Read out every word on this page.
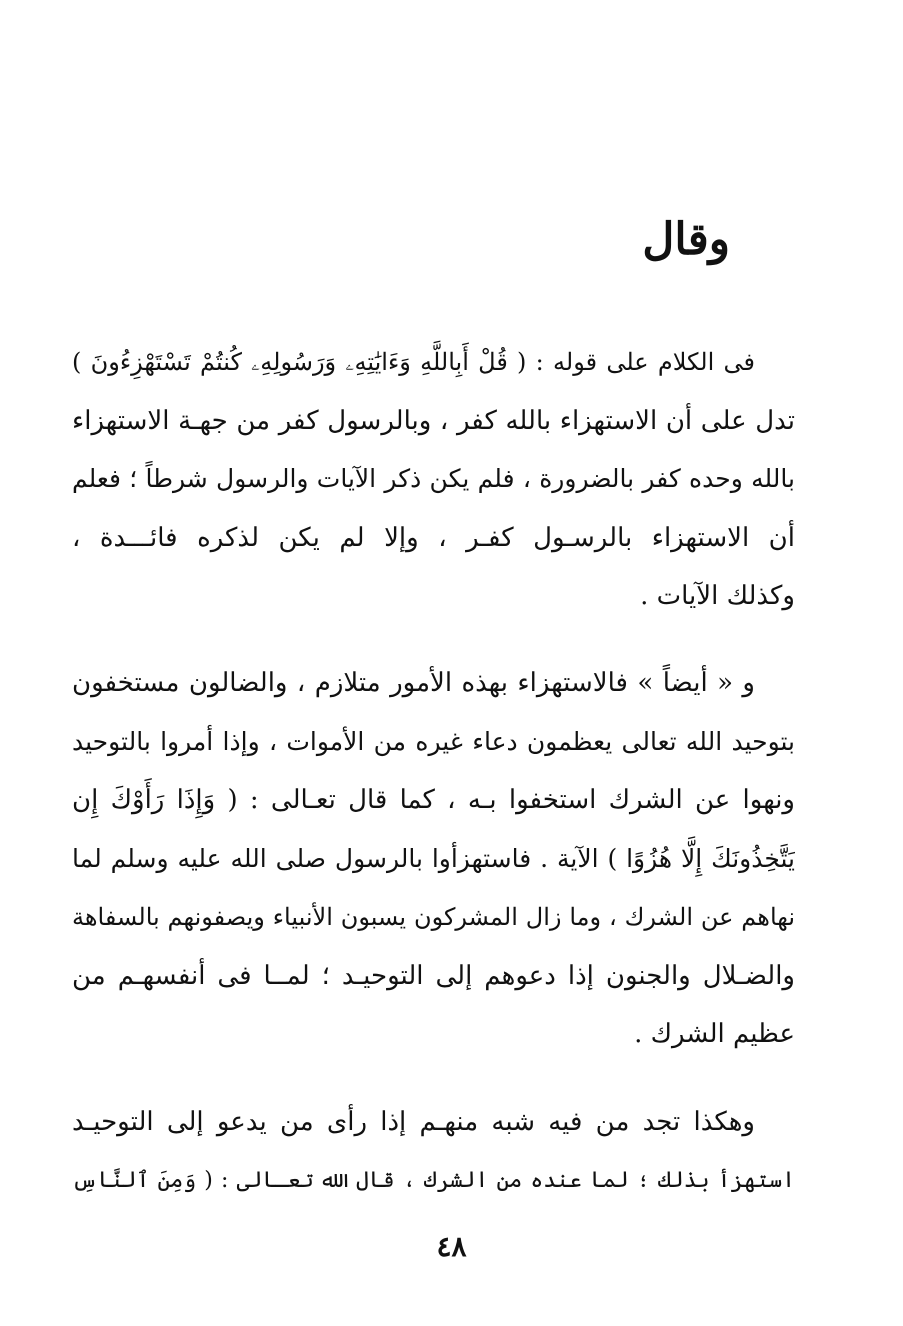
وقال
فى الكلام على قوله : ( قُلْ أَبِاللَّهِ وَءَايَٰتِهِۦ وَرَسُولِهِۦ كُنتُمْ تَسْتَهْزِءُونَ )
تدل على أن الاستهزاء بالله كفر ، وبالرسول كفر من جهـة الاستهزاء
بالله وحده كفر بالضرورة ، فلم يكن ذكر الآيات والرسول شرطاً ؛ فعلم
أن الاستهزاء بالرسـول كفـر ، وإلا لم يكن لذكره فائـــدة ،
وكذلك الآيات .
و « أيضاً » فالاستهزاء بهذه الأمور متلازم ، والضالون مستخفون
بتوحيد الله تعالى يعظمون دعاء غيره من الأموات ، وإذا أمروا بالتوحيد
ونهوا عن الشرك استخفوا بـه ، كما قال تعـالى : ( وَإِذَا رَأَوْكَ إِن
يَتَّخِذُونَكَ إِلَّا هُزُوًا ) الآية . فاستهزأوا بالرسول صلى الله عليه وسلم لما
نهاهم عن الشرك ، وما زال المشركون يسبون الأنبياء ويصفونهم بالسفاهة
والضـلال والجنون إذا دعوهم إلى التوحيـد ؛ لمــا فى أنفسهـم من
عظيم الشرك .
وهكذا تجد من فيه شبه منهـم إذا رأى من يدعو إلى التوحيـد
استهزأ بذلك ؛ لما عنده من الشرك ، قال الله تعـالى : ( وَمِنَ ٱلنَّاسِ
٤٨
